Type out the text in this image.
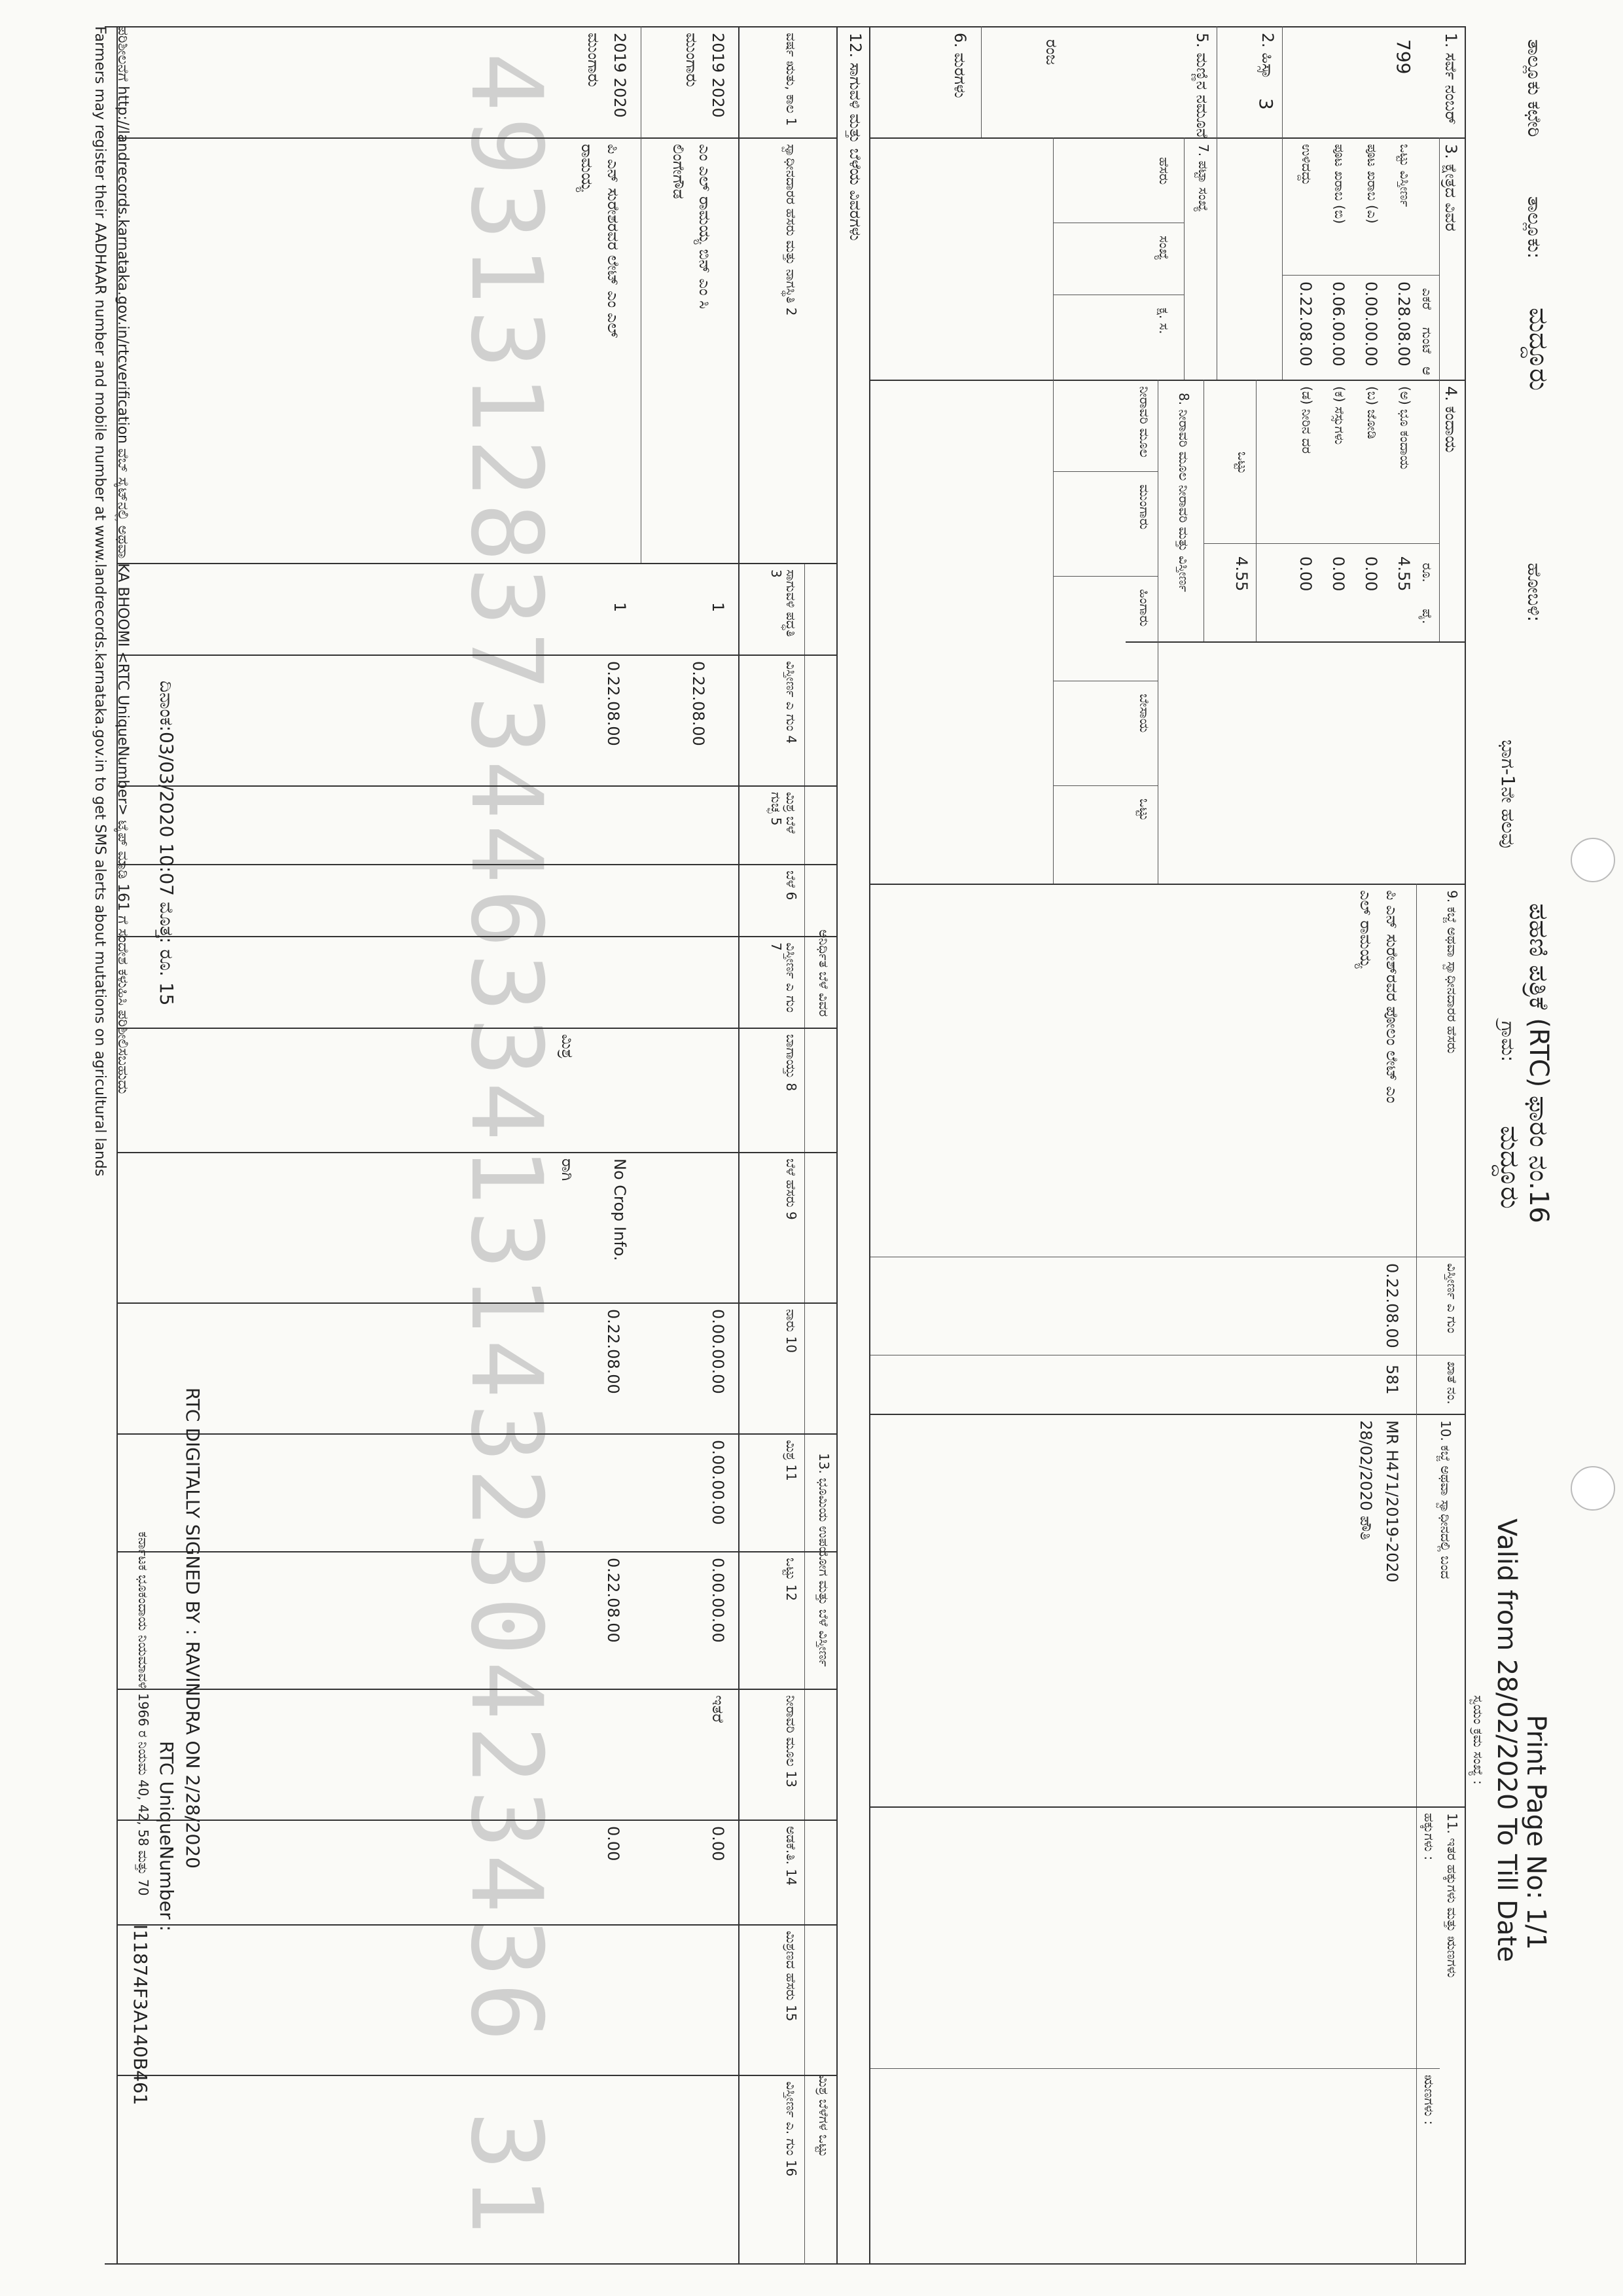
4931312837344633413143230423436 31	ತಾಲ್ಲೂಕು ಕಛೇರಿ
ತಾಲ್ಲೂಕು:
ಮದ್ದೂರು
ಹೋಬಳಿ:
ಭಾಗ-1ನೇ ಹಲವು
ಪಹಣಿ ಪತ್ರಿಕೆ (RTC) ಫಾರಂ ನಂ.16
ಗ್ರಾಮ:
ಮದ್ದೂರು
Print Page No: 1/1
Valid from 28/02/2020 To Till Date
ಸ್ವಯಂ ಕ್ರಮ ಸಂಖ್ಯೆ :
1. ಸರ್ವೆ ನಂಬರ್
799
2. ಹಿಸ್ಸಾ
3
5. ಮಣ್ಣಿನ ನಮೂನೆ
ರಂಜ
6. ಮರಗಳು
3. ಕ್ಷೇತ್ರದ ವಿವರ
ಎಕರೆ
ಗುಂಟೆ
ಆ
ಒಟ್ಟು ವಿಸ್ತೀರ್ಣ
0.28.08.00
ಪೂಟ ಖರಾಬ (ಎ)
0.00.00.00
ಪೂಟ ಖರಾಬ (ಬಿ)
0.06.00.00
ಉಳಿದದ್ದು
0.22.08.00
4. ಕಂದಾಯ
ರೂ.
ಪೈ.
(ಅ) ಭೂ ಕಂದಾಯ
4.55
(ಬ) ಜೋಡಿ
0.00
(ಕ) ಸೆಸ್ಸುಗಳು
0.00
(ಡ) ನೀರಿನ ದರ
0.00
ಒಟ್ಟು
4.55
7. ಪಟ್ಟಾ ಸಂಖ್ಯೆ
ಹೆಸರು
ಸಂಖ್ಯೆ
ಕ್ಷ. ಸ.
8. ನೀರಾವರಿ ಮೂಲ ನೀರಾವರಿ ಮತ್ತು ವಿಸ್ತೀರ್ಣ
ನೀರಾವರಿ ಮೂಲ
ಮುಂಗಾರು
ಹಿಂಗಾರು
ಬೇಸಾಯ
ಒಟ್ಟು
9. ಕಬ್ಜೆ ಅಥವಾ ಸ್ವಾಧೀನದಾರರ ಹೆಸರು
ವಿಸ್ತೀರ್ಣ ಎ ಗುಂ
ಖಾತೆ ನಂ.
ಪಿ ಎನ್ ಸುರೇಶ್‌ರವರ ಪೋಲಂ ಲೇಟ್ ಎಂ
ಎಲ್ ರಾಮಯ್ಯ
0.22.08.00
581
10. ಕಬ್ಜೆ ಅಥವಾ ಸ್ವಾಧೀನದಲ್ಲಿ ಬಂದ
MR H471/2019-2020
28/02/2020 ಪೌತಿ
11. ಇತರ ಹಕ್ಕುಗಳು ಮತ್ತು ಋಣಗಳು
ಹಕ್ಕುಗಳು :
ಋಣಗಳು :
12. ಸಾಗುವಳಿ ಮತ್ತು ಬೆಳೆಯ ವಿವರಗಳು
ಅನಿರ್ಧಿತ ಬೆಳೆ ವಿವರ
13. ಭೂಮಿಯ ಉಪಯೋಗ ಮತ್ತು ಬೆಳೆ ವಿಸ್ತೀರ್ಣ
ಮಿಶ್ರ ಬೆಳೆಗಳ ಒಟ್ಟು
ವರ್ಷ ಋತು, ಕಾಲ 1
ಸ್ವಾಧೀನದಾರರ ಹೆಸರು ಮತ್ತು ನಾಗಸ್ಥಿತಿ 2
ಸಾಗುವಳಿ ಪದ್ಧತಿ 3
ವಿಸ್ತೀರ್ಣ ಎ ಗುಂ 4
ಮಿಶ್ರ ಬೆಳೆ ಗುಚ್ಛ 5
ಬೆಳೆ 6
ವಿಸ್ತೀರ್ಣ ಎ ಗುಂ 7
ಬಾಗಾಯ್ತು 8
ಬೆಳೆ ಹೆಸರು 9
ನಾರು 10
ಮಿಶ್ರ 11
ಒಟ್ಟು 12
ನೀರಾವರಿ ಮೂಲ 13
ಅಡಕೆ.ತಿ. 14
ಮಿಶ್ರಣದ ಹೆಸರು 15
ವಿಸ್ತೀರ್ಣ ಎ. ಗುಂ 16
2019 2020
ಮುಂಗಾರು
ಎಂ ಎಲ್ ರಾಮಯ್ಯ ಬಿನ್ ಎಂ ಸಿ
ಲಿಂಗೇಗೌಡ
1
0.22.08.00
No Crop Info.
0.00.00.00
0.00.00.00
0.00.00.00
ಇತರೆ
0.00
2019 2020
ಮುಂಗಾರು
ಪಿ ಎನ್ ಸುರೇಶರವರ ಲೇಟ್ ಎಂ ಎಲ್
ರಾಮಯ್ಯ
1
0.22.08.00
ಮಿಶ್ರ
ರಾಗಿ
0.22.08.00
0.22.08.00
0.00
ದಿನಾಂಕ:03/03/2020 10:07 ಮೊತ್ತ: ರೂ. 15
RTC DIGITALLY SIGNED BY : RAVINDRA ON 2/28/2020
RTC UniqueNumber :
I11874F3A140B461
ಕರ್ನಾಟಕ ಭೂಕಂದಾಯ ನಿಯಮಾವಳಿ 1966 ರ ನಿಯಮ 40, 42, 58 ಮತ್ತು 70
ಪರಿಶೀಲನೆಗೆ http://landrecords.karnataka.gov.in/rtcverification ವೆಬ್ ಸೈಟ್‌ನಲ್ಲಿ ಅಥವಾ KA BHOOMI <RTC UniqueNumber> ಟೈಪ್ ಮಾಡಿ 161 ಗೆ ಸಂದೇಶ ಕಳುಹಿಸಿ ಪರಿಶೀಲಿಸಬಹುದು
Farmers may register their AADHAAR number and mobile number at www.landrecords.karnataka.gov.in to get SMS alerts about mutations on agricultural lands
